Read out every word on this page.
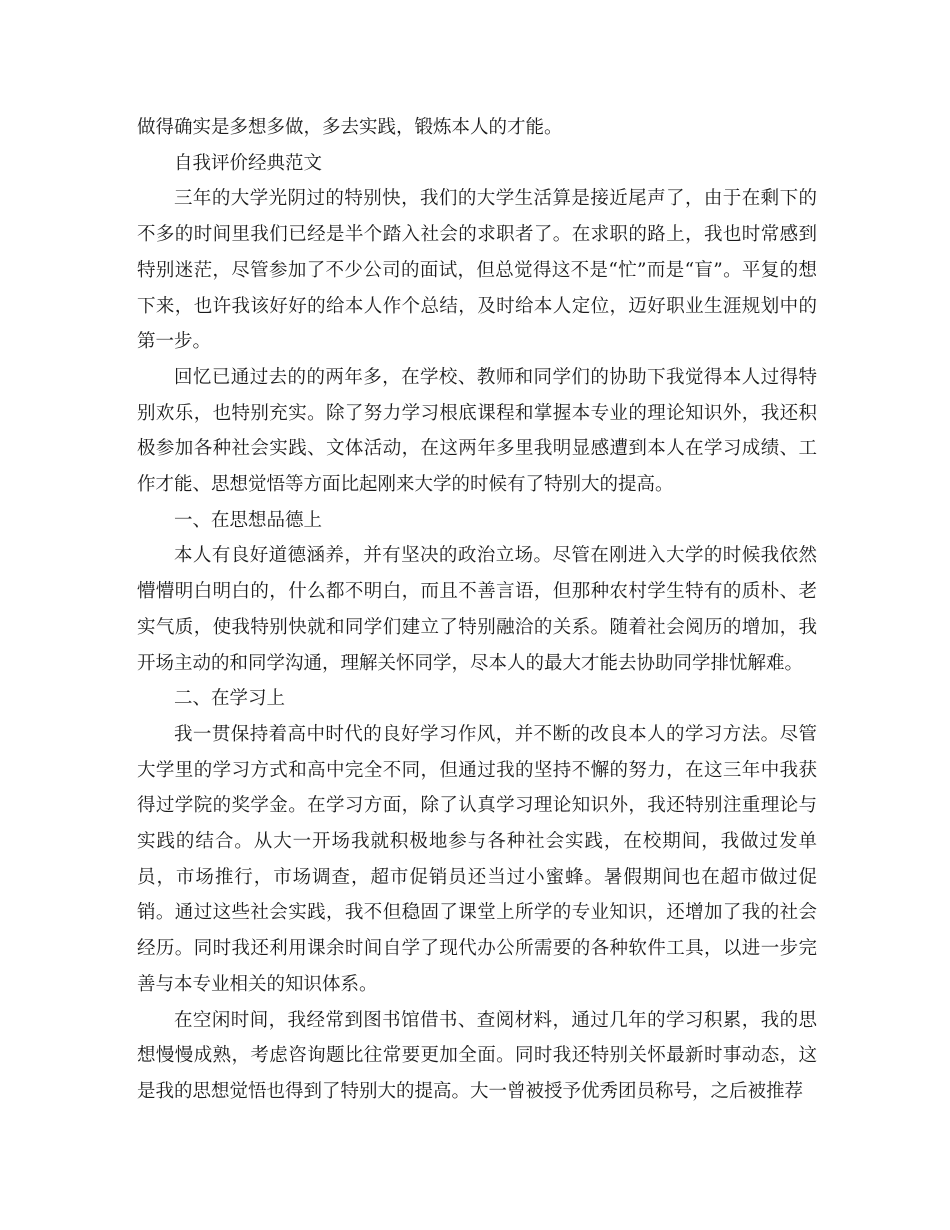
做得确实是多想多做，多去实践，锻炼本人的才能。

自我评价经典范文

三年的大学光阴过的特别快，我们的大学生活算是接近尾声了，由于在剩下的不多的时间里我们已经是半个踏入社会的求职者了。在求职的路上，我也时常感到特别迷茫，尽管参加了不少公司的面试，但总觉得这不是“忙”而是“盲”。平复的想下来，也许我该好好的给本人作个总结，及时给本人定位，迈好职业生涯规划中的第一步。

回忆已通过去的的两年多，在学校、教师和同学们的协助下我觉得本人过得特别欢乐，也特别充实。除了努力学习根底课程和掌握本专业的理论知识外，我还积极参加各种社会实践、文体活动，在这两年多里我明显感遭到本人在学习成绩、工作才能、思想觉悟等方面比起刚来大学的时候有了特别大的提高。

一、在思想品德上

本人有良好道德涵养，并有坚决的政治立场。尽管在刚进入大学的时候我依然懵懵明白明白的，什么都不明白，而且不善言语，但那种农村学生特有的质朴、老实气质，使我特别快就和同学们建立了特别融洽的关系。随着社会阅历的增加，我开场主动的和同学沟通，理解关怀同学，尽本人的最大才能去协助同学排忧解难。

二、在学习上

我一贯保持着高中时代的良好学习作风，并不断的改良本人的学习方法。尽管大学里的学习方式和高中完全不同，但通过我的坚持不懈的努力，在这三年中我获得过学院的奖学金。在学习方面，除了认真学习理论知识外，我还特别注重理论与实践的结合。从大一开场我就积极地参与各种社会实践，在校期间，我做过发单员，市场推行，市场调查，超市促销员还当过小蜜蜂。暑假期间也在超市做过促销。通过这些社会实践，我不但稳固了课堂上所学的专业知识，还增加了我的社会经历。同时我还利用课余时间自学了现代办公所需要的各种软件工具，以进一步完善与本专业相关的知识体系。

在空闲时间，我经常到图书馆借书、查阅材料，通过几年的学习积累，我的思想慢慢成熟，考虑咨询题比往常要更加全面。同时我还特别关怀最新时事动态，这是我的思想觉悟也得到了特别大的提高。大一曾被授予优秀团员称号，之后被推荐
